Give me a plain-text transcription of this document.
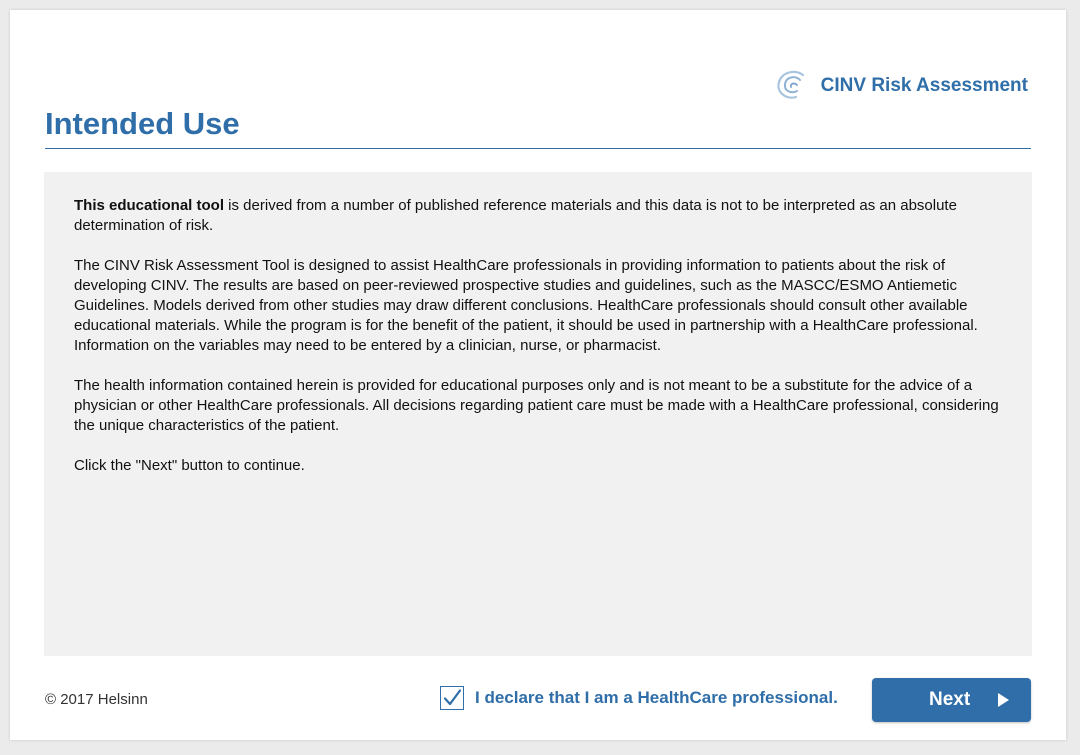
CINV Risk Assessment
Intended Use

This educational tool is derived from a number of published reference materials and this data is not to be interpreted as an absolute determination of risk.

The CINV Risk Assessment Tool is designed to assist HealthCare professionals in providing information to patients about the risk of developing CINV. The results are based on peer-reviewed prospective studies and guidelines, such as the MASCC/ESMO Antiemetic Guidelines. Models derived from other studies may draw different conclusions. HealthCare professionals should consult other available educational materials. While the program is for the benefit of the patient, it should be used in partnership with a HealthCare professional. Information on the variables may need to be entered by a clinician, nurse, or pharmacist.

The health information contained herein is provided for educational purposes only and is not meant to be a substitute for the advice of a physician or other HealthCare professionals. All decisions regarding patient care must be made with a HealthCare professional, considering the unique characteristics of the patient.

Click the "Next" button to continue.

© 2017 Helsinn	I declare that I am a HealthCare professional.	Next
